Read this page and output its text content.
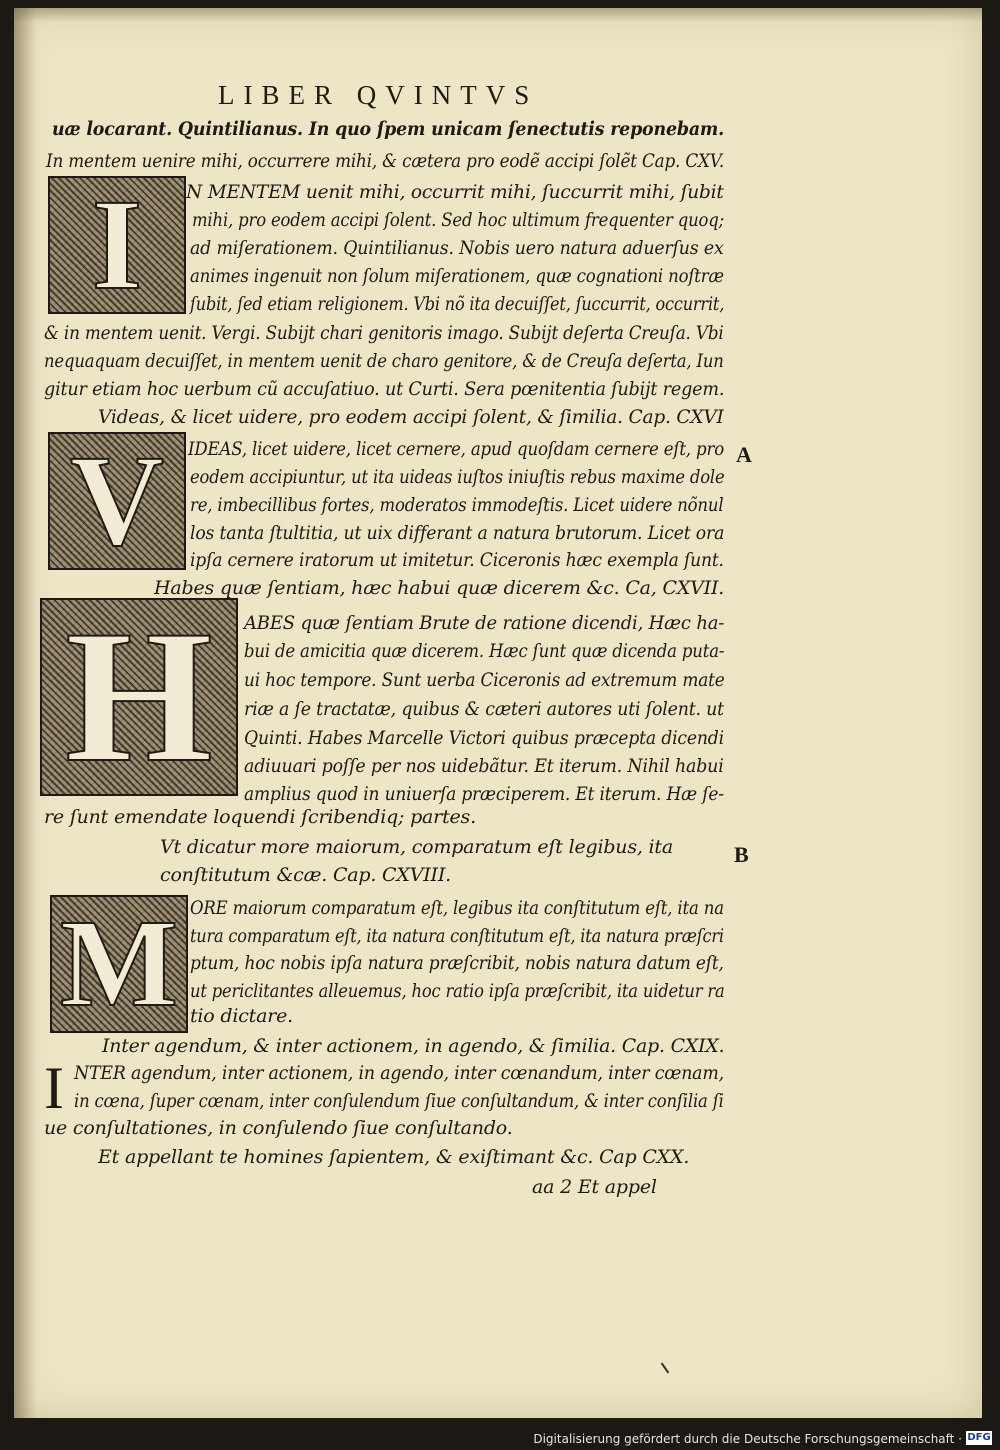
LIBER QVINTVS
I
V
H
M
I
uæ locarant. Quintilianus. In quo ſpem unicam ſenectutis reponebam.
In mentem uenire mihi, occurrere mihi, & cætera pro eodẽ accipi ſolẽt Cap. CXV.
N MENTEM uenit mihi, occurrit mihi, ſuccurrit mihi, ſubit
mihi, pro eodem accipi ſolent. Sed hoc ultimum frequenter quoq;
ad miſerationem. Quintilianus. Nobis uero natura aduerſus ex
animes ingenuit non ſolum miſerationem, quæ cognationi noſtræ
ſubit, ſed etiam religionem. Vbi nõ ita decuiſſet, ſuccurrit, occurrit,
& in mentem uenit. Vergi. Subijt chari genitoris imago. Subijt deſerta Creuſa. Vbi
nequaquam decuiſſet, in mentem uenit de charo genitore, & de Creuſa deſerta, Iun
gitur etiam hoc uerbum cũ accuſatiuo. ut Curti. Sera pœnitentia ſubijt regem.
Videas, & licet uidere, pro eodem accipi ſolent, & ſimilia. Cap. CXVI
IDEAS, licet uidere, licet cernere, apud quoſdam cernere eſt, pro
eodem accipiuntur, ut ita uideas iuſtos iniuſtis rebus maxime dole
re, imbecillibus fortes, moderatos immodeſtis. Licet uidere nõnul
los tanta ſtultitia, ut uix differant a natura brutorum. Licet ora
ipſa cernere iratorum ut imitetur. Ciceronis hæc exempla ſunt.
Habes quæ ſentiam, hæc habui quæ dicerem &c. Ca, CXVII.
ABES quæ ſentiam Brute de ratione dicendi, Hæc ha-
bui de amicitia quæ dicerem. Hæc ſunt quæ dicenda puta-
ui hoc tempore. Sunt uerba Ciceronis ad extremum mate
riæ a ſe tractatæ, quibus & cæteri autores uti ſolent. ut
Quinti. Habes Marcelle Victori quibus præcepta dicendi
adiuuari poſſe per nos uidebãtur. Et iterum. Nihil habui
amplius quod in uniuerſa præciperem. Et iterum. Hæ ſe-
re ſunt emendate loquendi ſcribendiq; partes.
Vt dicatur more maiorum, comparatum eſt legibus, ita
conſtitutum &cæ. Cap. CXVIII.
ORE maiorum comparatum eſt, legibus ita conſtitutum eſt, ita na
tura comparatum eſt, ita natura conſtitutum eſt, ita natura præſcri
ptum, hoc nobis ipſa natura præſcribit, nobis natura datum eſt,
ut periclitantes alleuemus, hoc ratio ipſa præſcribit, ita uidetur ra
tio dictare.
Inter agendum, & inter actionem, in agendo, & ſimilia. Cap. CXIX.
NTER agendum, inter actionem, in agendo, inter cœnandum, inter cœnam,
in cœna, ſuper cœnam, inter conſulendum ſiue conſultandum, & inter conſilia ſi
ue conſultationes, in conſulendo ſiue conſultando.
Et appellant te homines ſapientem, & exiſtimant &c. Cap CXX.
aa 2 Et appel
A
B
Digitalisierung gefördert durch die Deutsche Forschungsgemeinschaft · DFG
